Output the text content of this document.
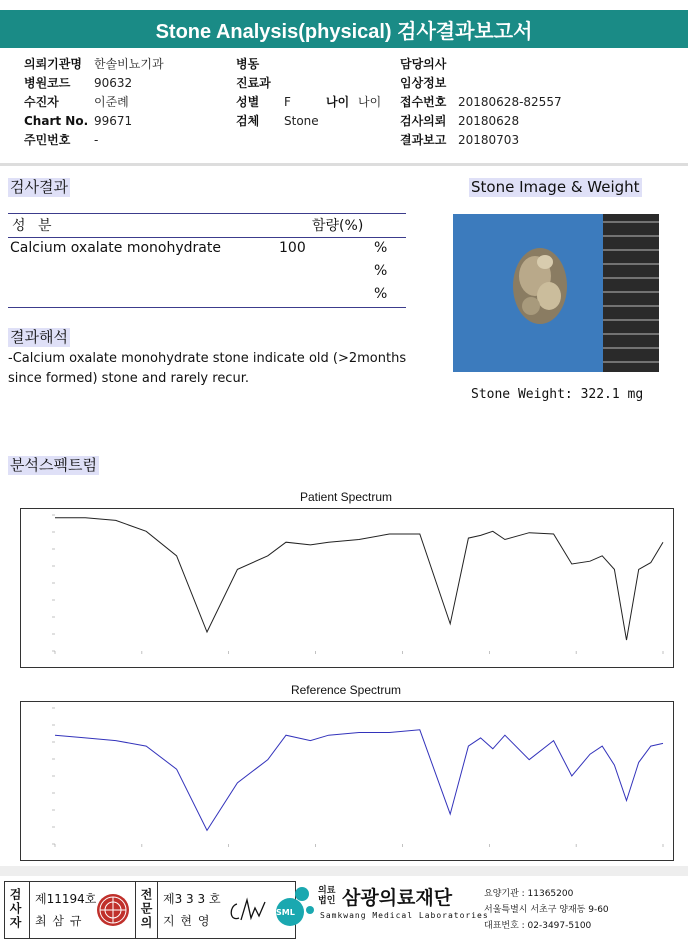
Stone Analysis(physical) 검사결과보고서
의뢰기관명 한솔비뇨기과
병원코드 90632
수진자	이준례
Chart No. 99671
주민번호 -
병동
진료과
성별 F	나이 나이
검체 Stone
담당의사
임상정보
접수번호 20180628-82557
검사의뢰 20180628
결과보고 20180703
검사결과
성 분	함량(%)
Calcium oxalate monohydrate	100	%
%
%
결과해석
-Calcium oxalate monohydrate stone indicate old (>2months since formed) stone and rarely recur.
Stone Image & Weight
Stone Weight: 322.1 mg
분석스펙트럼
Patient Spectrum
Reference Spectrum
검사자 제11194호
최 삼 규	전문의 제3 3 3 호
지 현 영
SML
의료
법인 삼광의료재단
Samkwang Medical Laboratories
요양기관 : 11365200
서울특별시 서초구 양재동 9-60
대표번호 : 02-3497-5100
